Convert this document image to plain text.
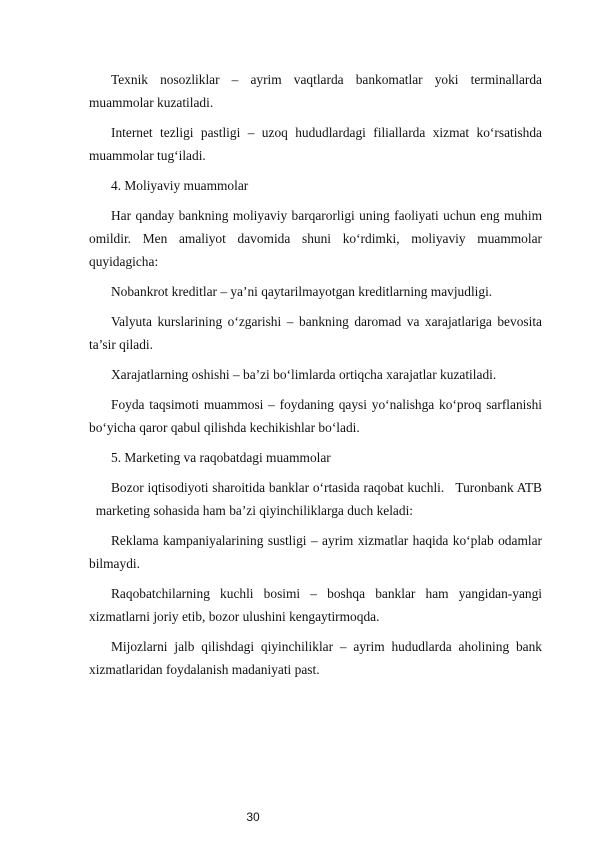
Texnik nosozliklar – ayrim vaqtlarda bankomatlar yoki terminallarda muammolar kuzatiladi.

Internet tezligi pastligi – uzoq hududlardagi filiallarda xizmat ko‘rsatishda muammolar tug‘iladi.

4. Moliyaviy muammolar

Har qanday bankning moliyaviy barqarorligi uning faoliyati uchun eng muhim omildir. Men amaliyot davomida shuni ko‘rdimki, moliyaviy muammolar quyidagicha:

Nobankrot kreditlar – ya’ni qaytarilmayotgan kreditlarning mavjudligi.

Valyuta kurslarining o‘zgarishi – bankning daromad va xarajatlariga bevosita ta’sir qiladi.

Xarajatlarning oshishi – ba’zi bo‘limlarda ortiqcha xarajatlar kuzatiladi.

Foyda taqsimoti muammosi – foydaning qaysi yo‘nalishga ko‘proq sarflanishi bo‘yicha qaror qabul qilishda kechikishlar bo‘ladi.

5. Marketing va raqobatdagi muammolar

Bozor iqtisodiyoti sharoitida banklar o‘rtasida raqobat kuchli.   Turonbank ATB   marketing sohasida ham ba’zi qiyinchiliklarga duch keladi:

Reklama kampaniyalarining sustligi – ayrim xizmatlar haqida ko‘plab odamlar bilmaydi.

Raqobatchilarning kuchli bosimi – boshqa banklar ham yangidan-yangi xizmatlarni joriy etib, bozor ulushini kengaytirmoqda.

Mijozlarni jalb qilishdagi qiyinchiliklar – ayrim hududlarda aholining bank xizmatlaridan foydalanish madaniyati past.

30
